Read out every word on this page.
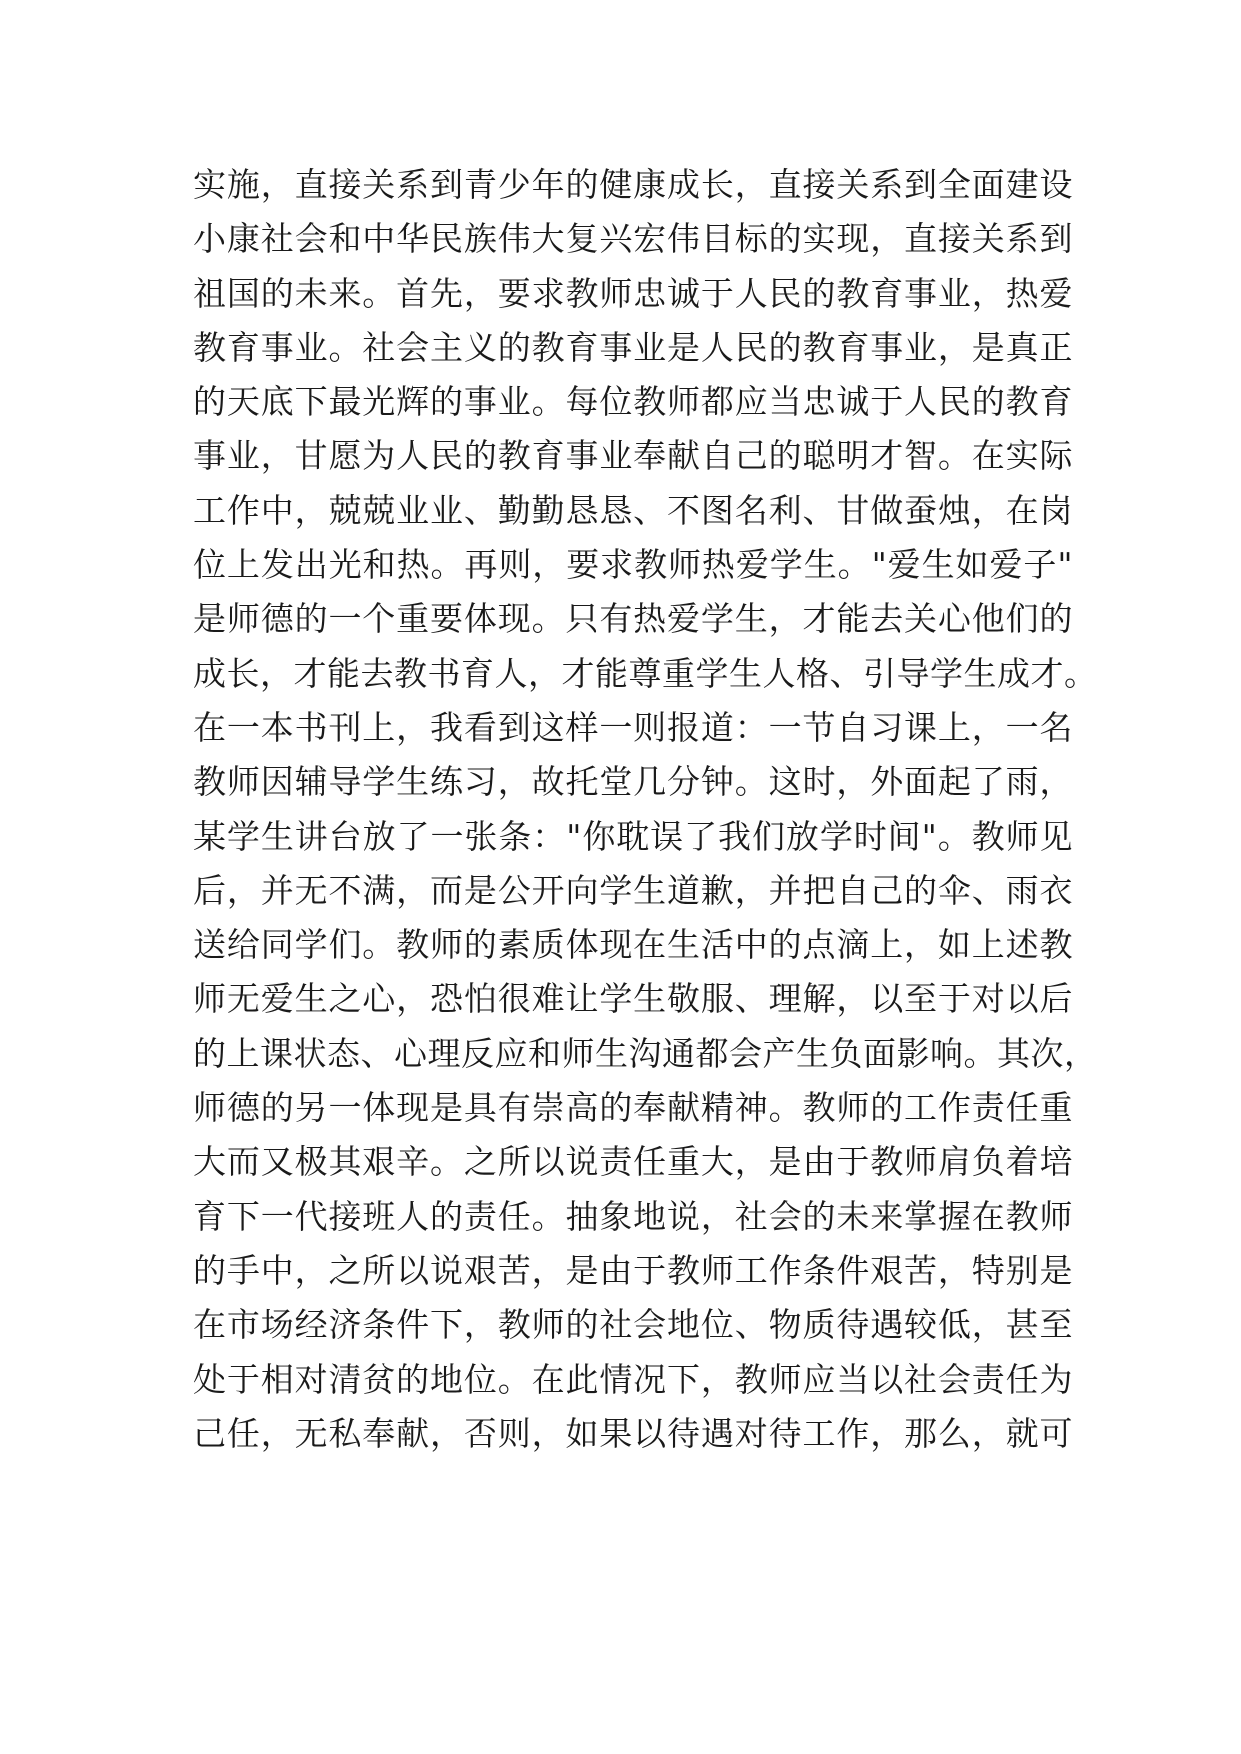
实施，直接关系到青少年的健康成长，直接关系到全面建设
小康社会和中华民族伟大复兴宏伟目标的实现，直接关系到
祖国的未来。首先，要求教师忠诚于人民的教育事业，热爱
教育事业。社会主义的教育事业是人民的教育事业，是真正
的天底下最光辉的事业。每位教师都应当忠诚于人民的教育
事业，甘愿为人民的教育事业奉献自己的聪明才智。在实际
工作中，兢兢业业、勤勤恳恳、不图名利、甘做蚕烛，在岗
位上发出光和热。再则，要求教师热爱学生。"爱生如爱子"
是师德的一个重要体现。只有热爱学生，才能去关心他们的
成长，才能去教书育人，才能尊重学生人格、引导学生成才。
在一本书刊上，我看到这样一则报道：一节自习课上，一名
教师因辅导学生练习，故托堂几分钟。这时，外面起了雨，
某学生讲台放了一张条："你耽误了我们放学时间"。教师见
后，并无不满，而是公开向学生道歉，并把自己的伞、雨衣
送给同学们。教师的素质体现在生活中的点滴上，如上述教
师无爱生之心，恐怕很难让学生敬服、理解，以至于对以后
的上课状态、心理反应和师生沟通都会产生负面影响。其次，
师德的另一体现是具有崇高的奉献精神。教师的工作责任重
大而又极其艰辛。之所以说责任重大，是由于教师肩负着培
育下一代接班人的责任。抽象地说，社会的未来掌握在教师
的手中，之所以说艰苦，是由于教师工作条件艰苦，特别是
在市场经济条件下，教师的社会地位、物质待遇较低，甚至
处于相对清贫的地位。在此情况下，教师应当以社会责任为
己任，无私奉献，否则，如果以待遇对待工作，那么，就可
